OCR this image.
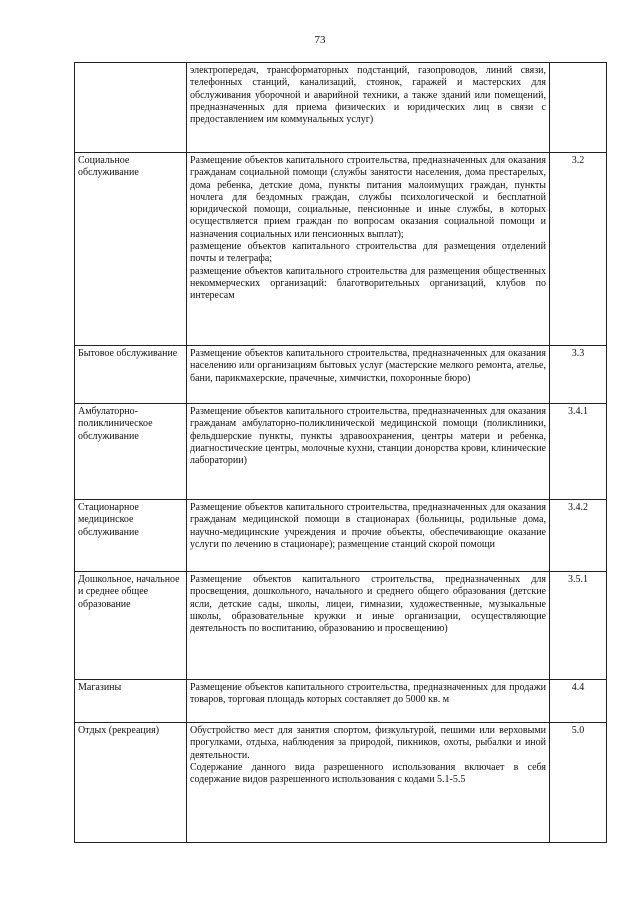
73

	электропередач, трансформаторных подстанций, газопроводов, линий связи, телефонных станций, канализаций, стоянок, гаражей и мастерских для обслуживания уборочной и аварийной техники, а также зданий или помещений, предназначенных для приема физических и юридических лиц в связи с предоставлением им коммунальных услуг)	

Социальное обслуживание	Размещение объектов капитального строительства, предназначенных для оказания гражданам социальной помощи (службы занятости населения, дома престарелых, дома ребенка, детские дома, пункты питания малоимущих граждан, пункты ночлега для бездомных граждан, службы психологической и бесплатной юридической помощи, социальные, пенсионные и иные службы, в которых осуществляется прием граждан по вопросам оказания социальной помощи и назначения социальных или пенсионных выплат);

размещение объектов капитального строительства для размещения отделений почты и телеграфа;

размещение объектов капитального строительства для размещения общественных некоммерческих организаций: благотворительных организаций, клубов по интересам	3.2
Бытовое обслуживание	Размещение объектов капитального строительства, предназначенных для оказания населению или организациям бытовых услуг (мастерские мелкого ремонта, ателье, бани, парикмахерские, прачечные, химчистки, похоронные бюро)	3.3
Амбулаторно-поликлиническое обслуживание	Размещение объектов капитального строительства, предназначенных для оказания гражданам амбулаторно-поликлинической медицинской помощи (поликлиники, фельдшерские пункты, пункты здравоохранения, центры матери и ребенка, диагностические центры, молочные кухни, станции донорства крови, клинические лаборатории)	3.4.1
Стационарное медицинское обслуживание	Размещение объектов капитального строительства, предназначенных для оказания гражданам медицинской помощи в стационарах (больницы, родильные дома, научно-медицинские учреждения и прочие объекты, обеспечивающие оказание услуги по лечению в стационаре); размещение станций скорой помощи	3.4.2
Дошкольное, начальное и среднее общее образование	Размещение объектов капитального строительства, предназначенных для просвещения, дошкольного, начального и среднего общего образования (детские ясли, детские сады, школы, лицеи, гимназии, художественные, музыкальные школы, образовательные кружки и иные организации, осуществляющие деятельность по воспитанию, образованию и просвещению)	3.5.1
Магазины	Размещение объектов капитального строительства, предназначенных для продажи товаров, торговая площадь которых составляет до 5000 кв. м	4.4
Отдых (рекреация)	Обустройство мест для занятия спортом, физкультурой, пешими или верховыми прогулками, отдыха, наблюдения за природой, пикников, охоты, рыбалки и иной деятельности.

Содержание данного вида разрешенного использования включает в себя содержание видов разрешенного использования с кодами 5.1-5.5	5.0
